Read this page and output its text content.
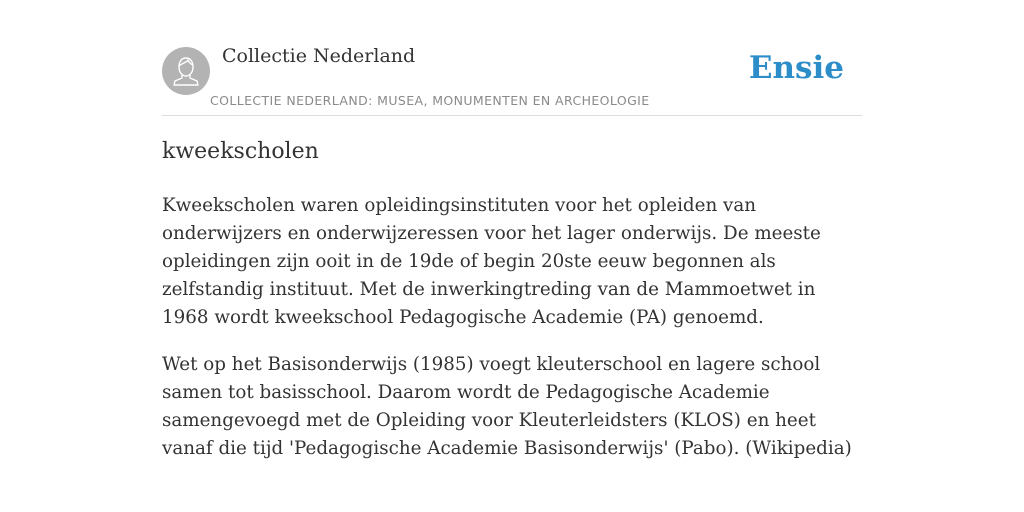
Collectie Nederland
COLLECTIE NEDERLAND: MUSEA, MONUMENTEN EN ARCHEOLOGIE
Ensie
kweekscholen

Kweekscholen waren opleidingsinstituten voor het opleiden van onderwijzers en onderwijzeressen voor het lager onderwijs. De meeste opleidingen zijn ooit in de 19de of begin 20ste eeuw begonnen als zelfstandig instituut. Met de inwerkingtreding van de Mammoetwet in 1968 wordt kweekschool Pedagogische Academie (PA) genoemd.

Wet op het Basisonderwijs (1985) voegt kleuterschool en lagere school samen tot basisschool. Daarom wordt de Pedagogische Academie samengevoegd met de Opleiding voor Kleuterleidsters (KLOS) en heet vanaf die tijd 'Pedagogische Academie Basisonderwijs' (Pabo). (Wikipedia)
